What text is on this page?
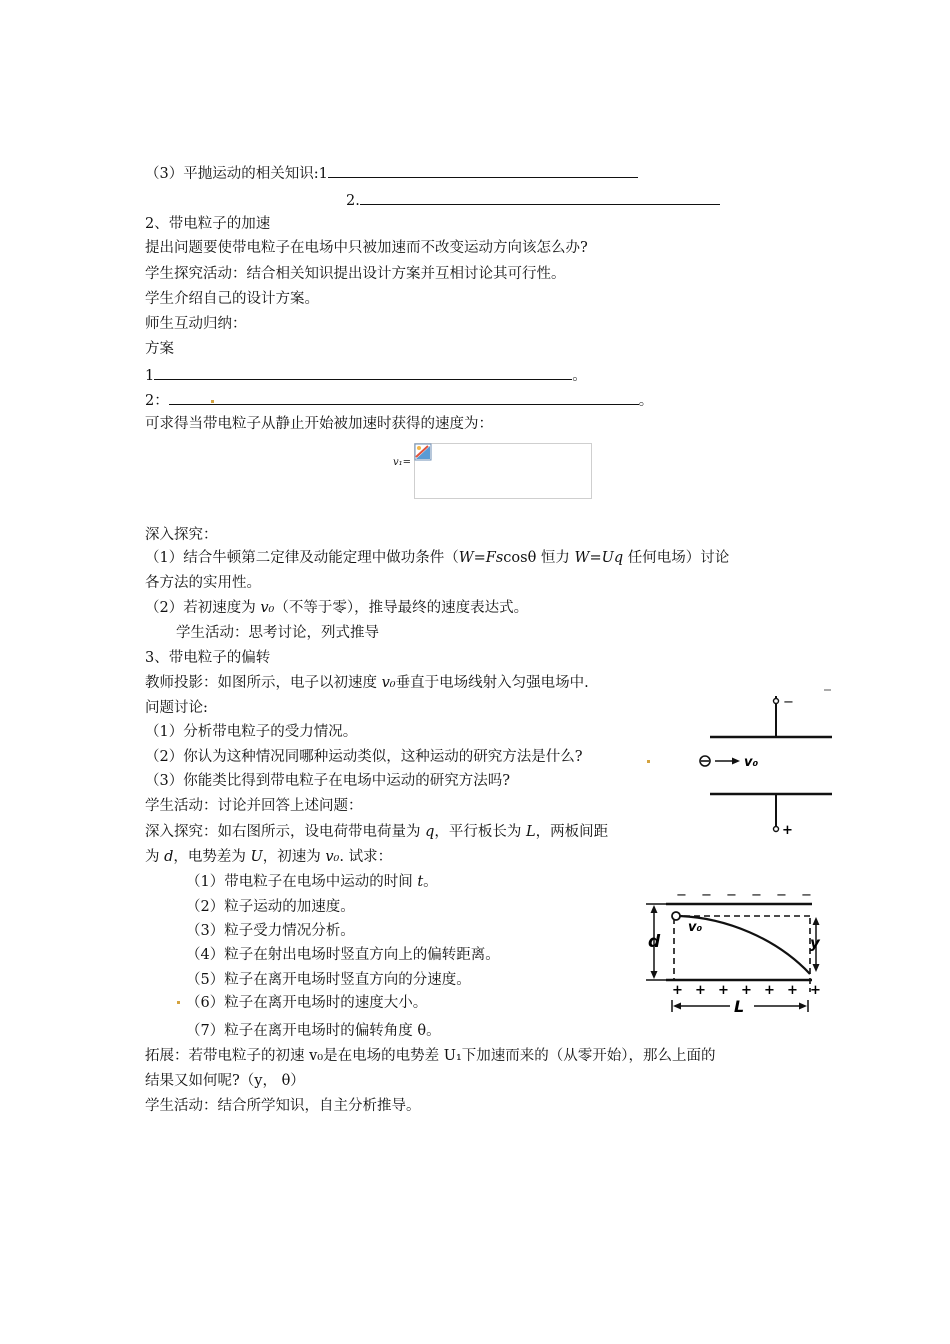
（3）平抛运动的相关知识:1
2.
2、带电粒子的加速
提出问题要使带电粒子在电场中只被加速而不改变运动方向该怎么办?
学生探究活动：结合相关知识提出设计方案并互相讨论其可行性。
学生介绍自己的设计方案。
师生互动归纳：
方案
1	。
2：	。
可求得当带电粒子从静止开始被加速时获得的速度为：
v₁=
深入探究：
（1）结合牛顿第二定律及动能定理中做功条件（W=Fscosθ 恒力 W=Uq 任何电场）讨论
各方法的实用性。
（2）若初速度为 v₀（不等于零），推导最终的速度表达式。
学生活动：思考讨论，列式推导
3、带电粒子的偏转
教师投影：如图所示，电子以初速度 v₀垂直于电场线射入匀强电场中.
问题讨论:
（1）分析带电粒子的受力情况。
（2）你认为这种情况同哪种运动类似，这种运动的研究方法是什么?
（3）你能类比得到带电粒子在电场中运动的研究方法吗?
学生活动：讨论并回答上述问题：
深入探究：如右图所示，设电荷带电荷量为 q，平行板长为 L，两板间距
为 d，电势差为 U，初速为 v₀. 试求：
（1）带电粒子在电场中运动的时间 t。
（2）粒子运动的加速度。
（3）粒子受力情况分析。
（4）粒子在射出电场时竖直方向上的偏转距离。
（5）粒子在离开电场时竖直方向的分速度。
（6）粒子在离开电场时的速度大小。
（7）粒子在离开电场时的偏转角度 θ。
拓展：若带电粒子的初速 v₀是在电场的电势差 U₁下加速而来的（从零开始），那么上面的
结果又如何呢?（y， θ）
学生活动：结合所学知识，自主分析推导。
−
+
v₀
− − − − − −
+ + + + + + +
d	y
L
v₀
